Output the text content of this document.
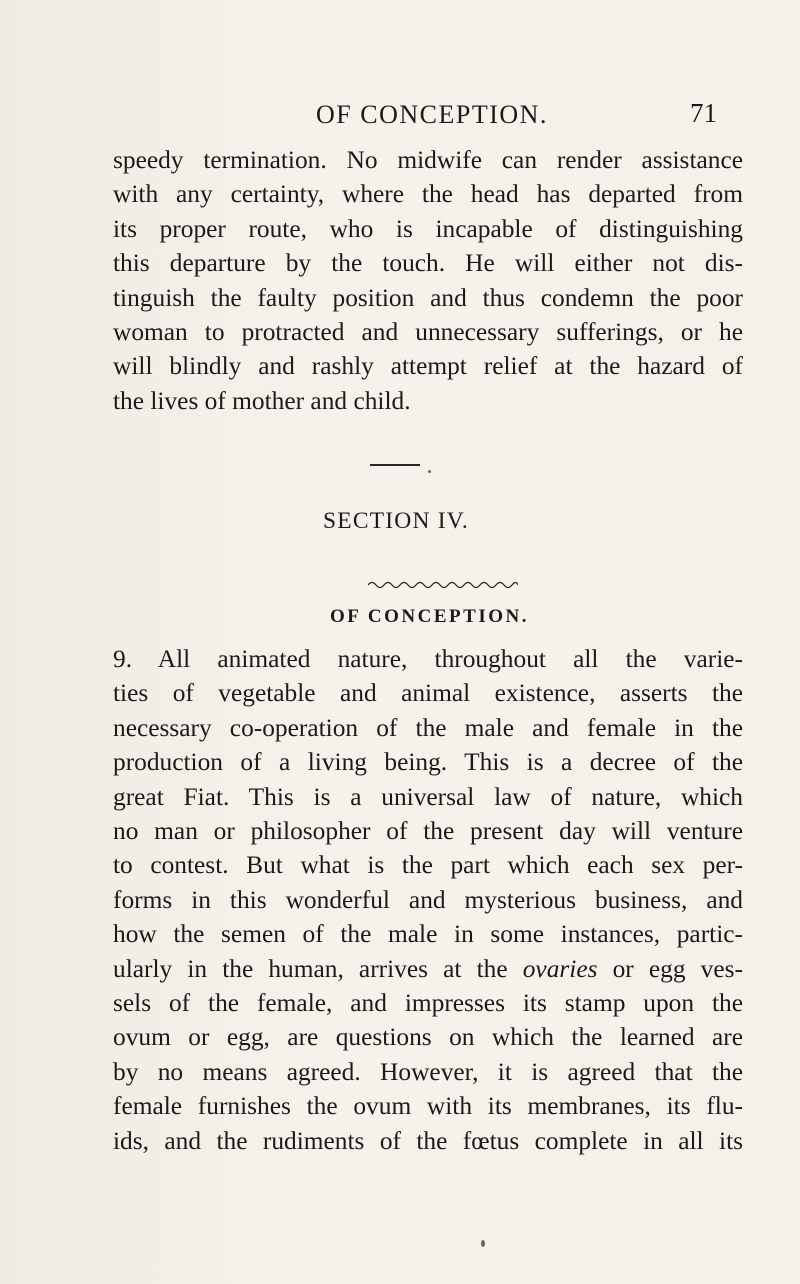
OF CONCEPTION.	71

speedy termination. No midwife can render assistance
with any certainty, where the head has departed from
its proper route, who is incapable of distinguishing
this departure by the touch. He will either not dis-
tinguish the faulty position and thus condemn the poor
woman to protracted and unnecessary sufferings, or he
will blindly and rashly attempt relief at the hazard of
the lives of mother and child.

SECTION IV.
OF CONCEPTION.

9. All animated nature, throughout all the varie-
ties of vegetable and animal existence, asserts the
necessary co-operation of the male and female in the
production of a living being. This is a decree of the
great Fiat. This is a universal law of nature, which
no man or philosopher of the present day will venture
to contest. But what is the part which each sex per-
forms in this wonderful and mysterious business, and
how the semen of the male in some instances, partic-
ularly in the human, arrives at the ovaries or egg ves-
sels of the female, and impresses its stamp upon the
ovum or egg, are questions on which the learned are
by no means agreed. However, it is agreed that the
female furnishes the ovum with its membranes, its flu-
ids, and the rudiments of the fœtus complete in all its
